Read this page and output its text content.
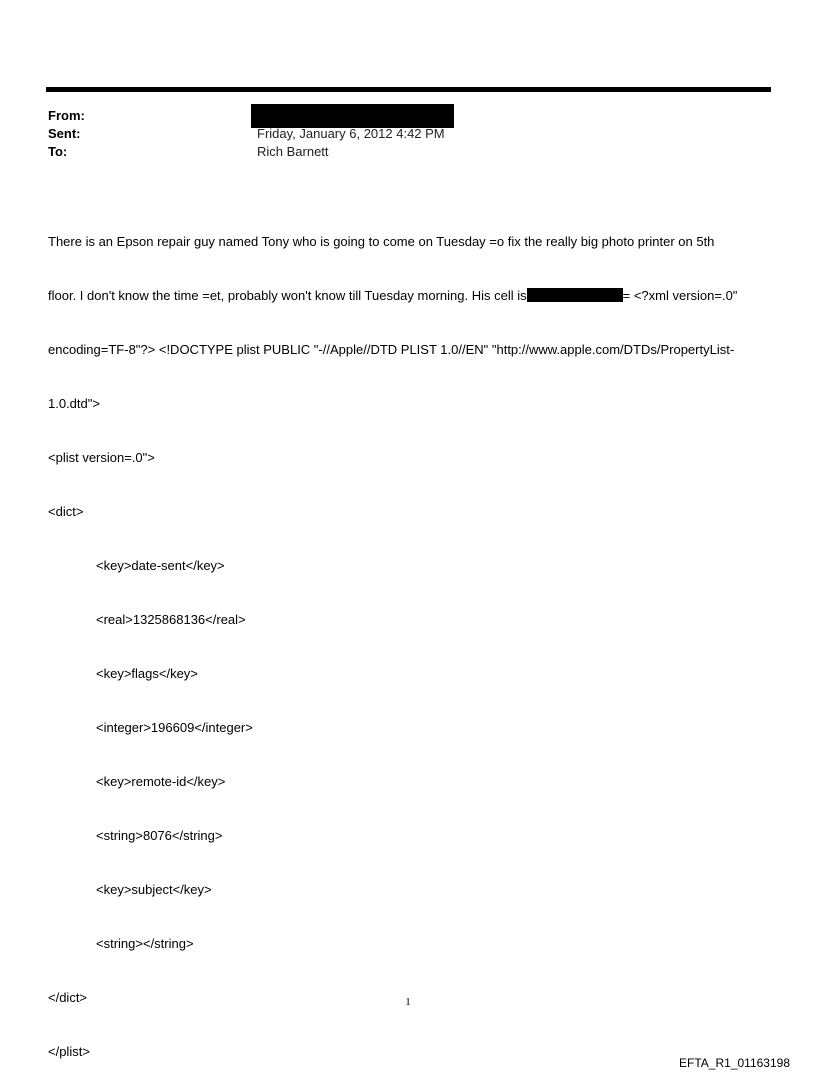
From:
Sent:	Friday, January 6, 2012 4:42 PM
To:	Rich Barnett

There is an Epson repair guy named Tony who is going to come on Tuesday =o fix the really big photo printer on 5th

floor. I don't know the time =et, probably won't know till Tuesday morning. His cell is	= <?xml version=.0"

encoding=TF-8"?> <!DOCTYPE plist PUBLIC "-//Apple//DTD PLIST 1.0//EN" "http://www.apple.com/DTDs/PropertyList-

1.0.dtd">

<plist version=.0">

<dict>

<key>date-sent</key>

<real>1325868136</real>

<key>flags</key>

<integer>196609</integer>

<key>remote-id</key>

<string>8076</string>

<key>subject</key>

<string></string>

</dict>

</plist>

1
EFTA_R1_01163198
